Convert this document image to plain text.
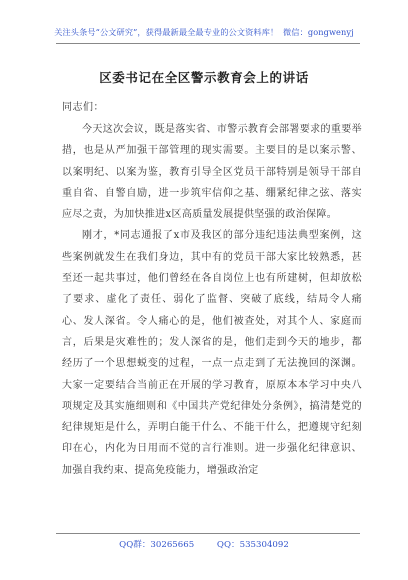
关注头条号“公文研究”，获得最新最全最专业的公文资料库！ 微信：gongwenyj
区委书记在全区警示教育会上的讲话
同志们：

今天这次会议，既是落实省、市警示教育会部署要求的重要举措，也是从严加强干部管理的现实需要。主要目的是以案示警、以案明纪、以案为鉴，教育引导全区党员干部特别是领导干部自重自省、自警自励，进一步筑牢信仰之基、绷紧纪律之弦、落实应尽之责，为加快推进x区高质量发展提供坚强的政治保障。

刚才，*同志通报了x市及我区的部分违纪违法典型案例，这些案例就发生在我们身边，其中有的党员干部大家比较熟悉，甚至还一起共事过，他们曾经在各自岗位上也有所建树，但却放松了要求、虚化了责任、弱化了监督、突破了底线，结局令人痛心、发人深省。令人痛心的是，他们被查处，对其个人、家庭而言，后果是灾难性的；发人深省的是，他们走到今天的地步，都经历了一个思想蜕变的过程，一点一点走到了无法挽回的深渊。大家一定要结合当前正在开展的学习教育，原原本本学习中央八项规定及其实施细则和《中国共产党纪律处分条例》，搞清楚党的纪律规矩是什么，弄明白能干什么、不能干什么，把遵规守纪刻印在心，内化为日用而不觉的言行准则。进一步强化纪律意识、加强自我约束、提高免疫能力，增强政治定

QQ群：30265665	QQ：535304092
